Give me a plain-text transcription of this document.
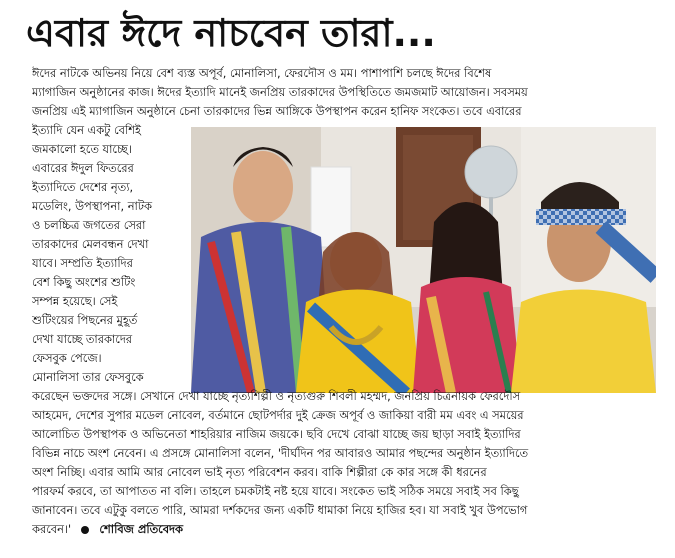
এবার ঈদে নাচবেন তারা...
ঈদের নাটকে অভিনয় নিয়ে বেশ ব্যস্ত অপূর্ব, মোনালিসা, ফেরদৌস ও মম। পাশাপাশি চলছে ঈদের বিশেষ
ম্যাগাজিন অনুষ্ঠানের কাজ। ঈদের ইত্যাদি মানেই জনপ্রিয় তারকাদের উপস্থিতিতে জমজমাট আয়োজন। সবসময়
জনপ্রিয় এই ম্যাগাজিন অনুষ্ঠানে চেনা তারকাদের ভিন্ন আঙ্গিকে উপস্থাপন করেন হানিফ সংকেত। তবে এবারের
ইত্যাদি যেন একটু বেশিই
জমকালো হতে যাচ্ছে।
এবারের ঈদুল ফিতরের
ইত্যাদিতে দেশের নৃত্য,
মডেলিং, উপস্থাপনা, নাটক
ও চলচ্চিত্র জগতের সেরা
তারকাদের মেলবন্ধন দেখা
যাবে। সম্প্রতি ইত্যাদির
বেশ কিছু অংশের শুটিং
সম্পন্ন হয়েছে। সেই
শুটিংয়ের পিছনের মুহূর্ত
দেখা যাচ্ছে তারকাদের
ফেসবুক পেজে।
মোনালিসা তার ফেসবুকে
করেছেন ভক্তদের সঙ্গে। সেখানে দেখা যাচ্ছে নৃত্যশিল্পী ও নৃত্যগুরু শিবলী মহম্মদ, জনপ্রিয় চিত্রনায়ক ফেরদৌস
আহমেদ, দেশের সুপার মডেল নোবেল, বর্তমানে ছোটপর্দার দুই ক্রেজ অপূর্ব ও জাকিয়া বারী মম এবং এ সময়ের
আলোচিত উপস্থাপক ও অভিনেতা শাহরিয়ার নাজিম জয়কে। ছবি দেখে বোঝা যাচ্ছে জয় ছাড়া সবাই ইত্যাদির
বিভিন্ন নাচে অংশ নেবেন। এ প্রসঙ্গে মোনালিসা বলেন, 'দীর্ঘদিন পর আবারও আমার পছন্দের অনুষ্ঠান ইত্যাদিতে
অংশ নিচ্ছি। এবার আমি আর নোবেল ভাই নৃত্য পরিবেশন করব। বাকি শিল্পীরা কে কার সঙ্গে কী ধরনের
পারফর্ম করবে, তা আপাতত না বলি। তাহলে চমকটাই নষ্ট হয়ে যাবে। সংকেত ভাই সঠিক সময়ে সবাই সব কিছু
জানাবেন। তবে এটুকু বলতে পারি, আমরা দর্শকদের জন্য একটি ধামাকা নিয়ে হাজির হব। যা সবাই খুব উপভোগ
করবেন।' শোবিজ প্রতিবেদক
